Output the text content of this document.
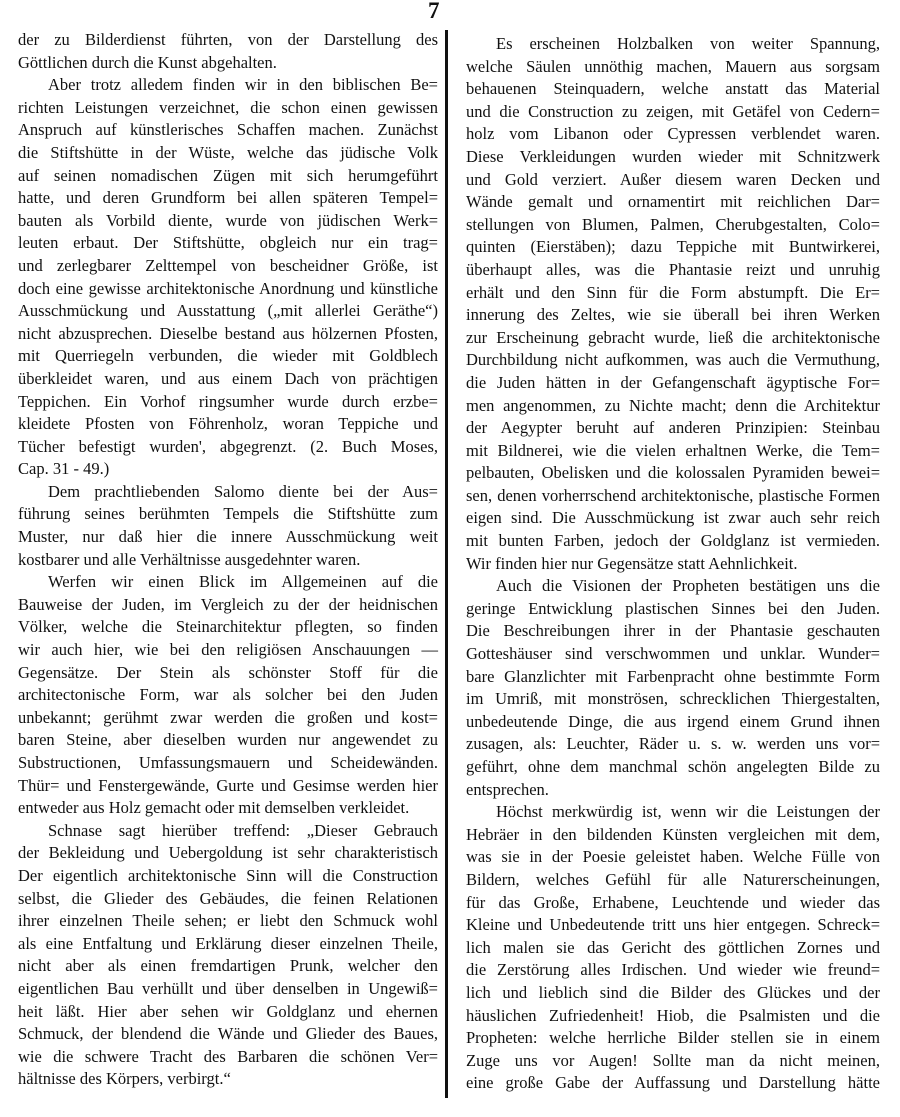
7
der zu Bilderdienst führten, von der Darstellung des
Göttlichen durch die Kunst abgehalten.
Aber trotz alledem finden wir in den biblischen Be=
richten Leistungen verzeichnet, die schon einen gewissen
Anspruch auf künstlerisches Schaffen machen. Zunächst
die Stiftshütte in der Wüste, welche das jüdische Volk
auf seinen nomadischen Zügen mit sich herumgeführt
hatte, und deren Grundform bei allen späteren Tempel=
bauten als Vorbild diente, wurde von jüdischen Werk=
leuten erbaut. Der Stiftshütte, obgleich nur ein trag=
und zerlegbarer Zelttempel von bescheidner Größe, ist
doch eine gewisse architektonische Anordnung und künstliche
Ausschmückung und Ausstattung („mit allerlei Geräthe“)
nicht abzusprechen. Dieselbe bestand aus hölzernen Pfosten,
mit Querriegeln verbunden, die wieder mit Goldblech
überkleidet waren, und aus einem Dach von prächtigen
Teppichen. Ein Vorhof ringsumher wurde durch erzbe=
kleidete Pfosten von Föhrenholz, woran Teppiche und
Tücher befestigt wurden', abgegrenzt. (2. Buch Moses,
Cap. 31 - 49.)
Dem prachtliebenden Salomo diente bei der Aus=
führung seines berühmten Tempels die Stiftshütte zum
Muster, nur daß hier die innere Ausschmückung weit
kostbarer und alle Verhältnisse ausgedehnter waren.
Werfen wir einen Blick im Allgemeinen auf die
Bauweise der Juden, im Vergleich zu der der heidnischen
Völker, welche die Steinarchitektur pflegten, so finden
wir auch hier, wie bei den religiösen Anschauungen —
Gegensätze. Der Stein als schönster Stoff für die
architectonische Form, war als solcher bei den Juden
unbekannt; gerühmt zwar werden die großen und kost=
baren Steine, aber dieselben wurden nur angewendet zu
Substructionen, Umfassungsmauern und Scheidewänden.
Thür= und Fenstergewände, Gurte und Gesimse werden hier
entweder aus Holz gemacht oder mit demselben verkleidet.
Schnase sagt hierüber treffend: „Dieser Gebrauch
der Bekleidung und Uebergoldung ist sehr charakteristisch
Der eigentlich architektonische Sinn will die Construction
selbst, die Glieder des Gebäudes, die feinen Relationen
ihrer einzelnen Theile sehen; er liebt den Schmuck wohl
als eine Entfaltung und Erklärung dieser einzelnen Theile,
nicht aber als einen fremdartigen Prunk, welcher den
eigentlichen Bau verhüllt und über denselben in Ungewiß=
heit läßt. Hier aber sehen wir Goldglanz und ehernen
Schmuck, der blendend die Wände und Glieder des Baues,
wie die schwere Tracht des Barbaren die schönen Ver=
hältnisse des Körpers, verbirgt.“
Es erscheinen Holzbalken von weiter Spannung,
welche Säulen unnöthig machen, Mauern aus sorgsam
behauenen Steinquadern, welche anstatt das Material
und die Construction zu zeigen, mit Getäfel von Cedern=
holz vom Libanon oder Cypressen verblendet waren.
Diese Verkleidungen wurden wieder mit Schnitzwerk
und Gold verziert. Außer diesem waren Decken und
Wände gemalt und ornamentirt mit reichlichen Dar=
stellungen von Blumen, Palmen, Cherubgestalten, Colo=
quinten (Eierstäben); dazu Teppiche mit Buntwirkerei,
überhaupt alles, was die Phantasie reizt und unruhig
erhält und den Sinn für die Form abstumpft. Die Er=
innerung des Zeltes, wie sie überall bei ihren Werken
zur Erscheinung gebracht wurde, ließ die architektonische
Durchbildung nicht aufkommen, was auch die Vermuthung,
die Juden hätten in der Gefangenschaft ägyptische For=
men angenommen, zu Nichte macht; denn die Architektur
der Aegypter beruht auf anderen Prinzipien: Steinbau
mit Bildnerei, wie die vielen erhaltnen Werke, die Tem=
pelbauten, Obelisken und die kolossalen Pyramiden bewei=
sen, denen vorherrschend architektonische, plastische Formen
eigen sind. Die Ausschmückung ist zwar auch sehr reich
mit bunten Farben, jedoch der Goldglanz ist vermieden.
Wir finden hier nur Gegensätze statt Aehnlichkeit.
Auch die Visionen der Propheten bestätigen uns die
geringe Entwicklung plastischen Sinnes bei den Juden.
Die Beschreibungen ihrer in der Phantasie geschauten
Gotteshäuser sind verschwommen und unklar. Wunder=
bare Glanzlichter mit Farbenpracht ohne bestimmte Form
im Umriß, mit monströsen, schrecklichen Thiergestalten,
unbedeutende Dinge, die aus irgend einem Grund ihnen
zusagen, als: Leuchter, Räder u. s. w. werden uns vor=
geführt, ohne dem manchmal schön angelegten Bilde zu
entsprechen.
Höchst merkwürdig ist, wenn wir die Leistungen der
Hebräer in den bildenden Künsten vergleichen mit dem,
was sie in der Poesie geleistet haben. Welche Fülle von
Bildern, welches Gefühl für alle Naturerscheinungen,
für das Große, Erhabene, Leuchtende und wieder das
Kleine und Unbedeutende tritt uns hier entgegen. Schreck=
lich malen sie das Gericht des göttlichen Zornes und
die Zerstörung alles Irdischen. Und wieder wie freund=
lich und lieblich sind die Bilder des Glückes und der
häuslichen Zufriedenheit! Hiob, die Psalmisten und die
Propheten: welche herrliche Bilder stellen sie in einem
Zuge uns vor Augen! Sollte man da nicht meinen,
eine große Gabe der Auffassung und Darstellung hätte
